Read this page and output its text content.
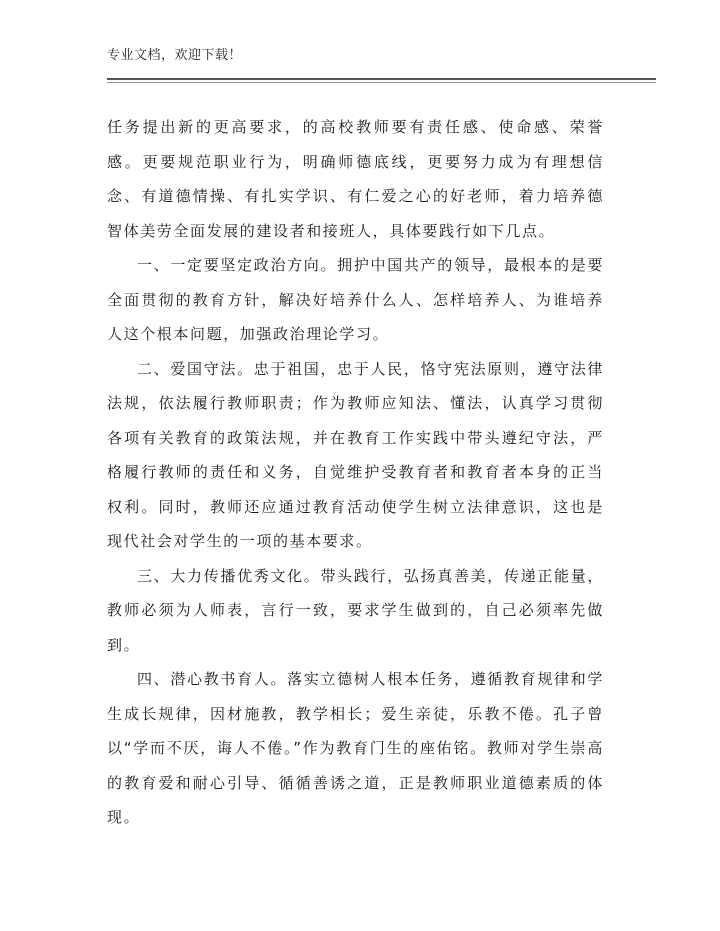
专业文档，欢迎下载！

任务提出新的更高要求，的高校教师要有责任感、使命感、荣誉感。更要规范职业行为，明确师德底线，更要努力成为有理想信念、有道德情操、有扎实学识、有仁爱之心的好老师，着力培养德智体美劳全面发展的建设者和接班人，具体要践行如下几点。

一、一定要坚定政治方向。拥护中国共产的领导，最根本的是要全面贯彻的教育方针，解决好培养什么人、怎样培养人、为谁培养人这个根本问题，加强政治理论学习。

二、爱国守法。忠于祖国，忠于人民，恪守宪法原则，遵守法律法规，依法履行教师职责；作为教师应知法、懂法，认真学习贯彻各项有关教育的政策法规，并在教育工作实践中带头遵纪守法，严格履行教师的责任和义务，自觉维护受教育者和教育者本身的正当权利。同时，教师还应通过教育活动使学生树立法律意识，这也是现代社会对学生的一项的基本要求。

三、大力传播优秀文化。带头践行，弘扬真善美，传递正能量，教师必须为人师表，言行一致，要求学生做到的，自己必须率先做到。

四、潜心教书育人。落实立德树人根本任务，遵循教育规律和学生成长规律，因材施教，教学相长；爱生亲徒，乐教不倦。孔子曾以“学而不厌，诲人不倦。”作为教育门生的座佑铭。教师对学生崇高的教育爱和耐心引导、循循善诱之道，正是教师职业道德素质的体现。
